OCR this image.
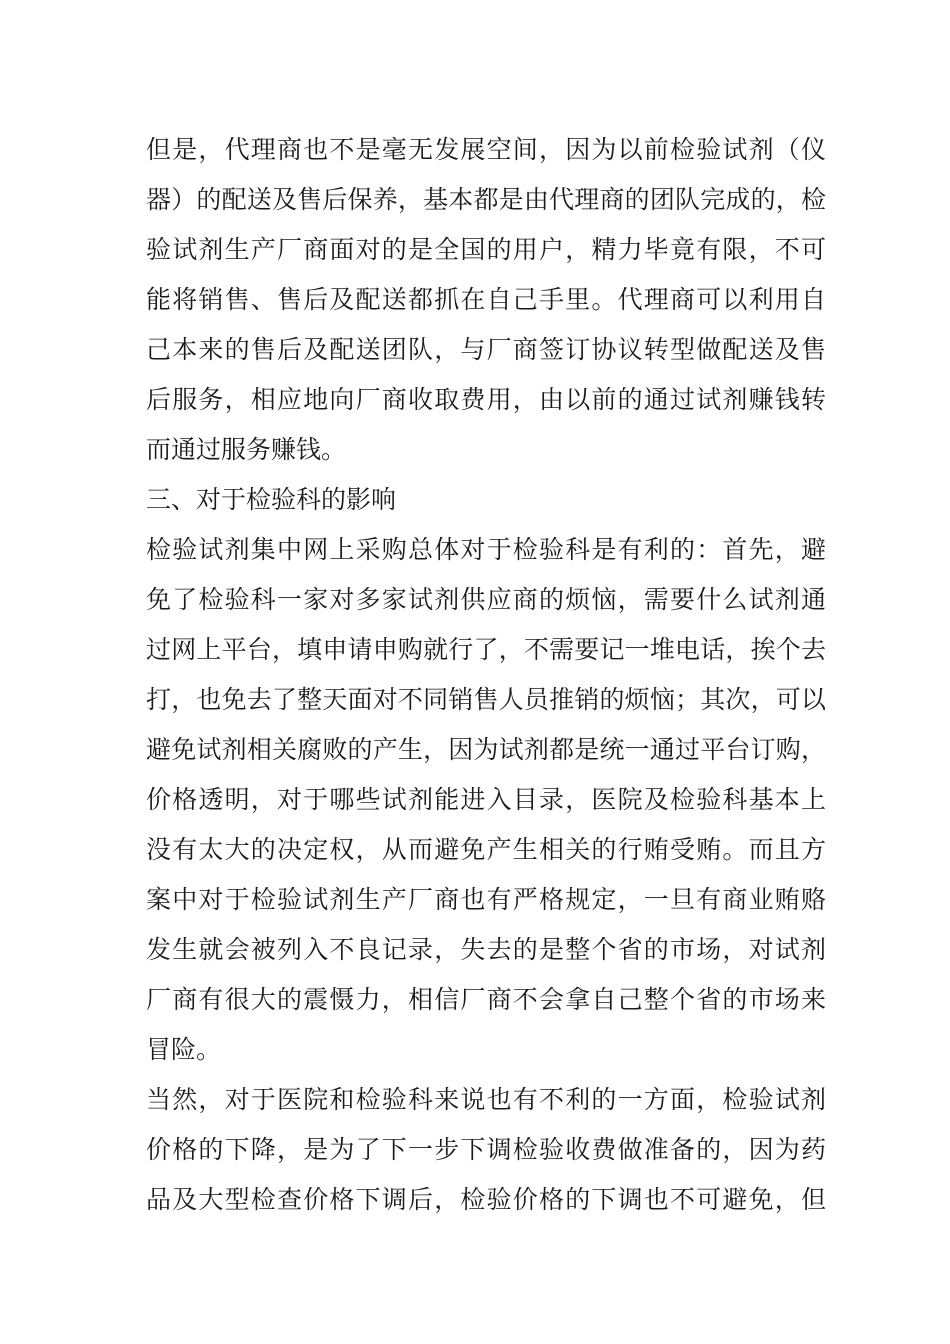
但是，代理商也不是毫无发展空间，因为以前检验试剂（仪

器）的配送及售后保养，基本都是由代理商的团队完成的，检

验试剂生产厂商面对的是全国的用户，精力毕竟有限，不可

能将销售、售后及配送都抓在自己手里。代理商可以利用自

己本来的售后及配送团队，与厂商签订协议转型做配送及售

后服务，相应地向厂商收取费用，由以前的通过试剂赚钱转

而通过服务赚钱。

三、对于检验科的影响

检验试剂集中网上采购总体对于检验科是有利的：首先，避

免了检验科一家对多家试剂供应商的烦恼，需要什么试剂通

过网上平台，填申请申购就行了，不需要记一堆电话，挨个去

打，也免去了整天面对不同销售人员推销的烦恼；其次，可以

避免试剂相关腐败的产生，因为试剂都是统一通过平台订购，

价格透明，对于哪些试剂能进入目录，医院及检验科基本上

没有太大的决定权，从而避免产生相关的行贿受贿。而且方

案中对于检验试剂生产厂商也有严格规定，一旦有商业贿赂

发生就会被列入不良记录，失去的是整个省的市场，对试剂

厂商有很大的震慑力，相信厂商不会拿自己整个省的市场来

冒险。

当然，对于医院和检验科来说也有不利的一方面，检验试剂

价格的下降，是为了下一步下调检验收费做准备的，因为药

品及大型检查价格下调后，检验价格的下调也不可避免，但
